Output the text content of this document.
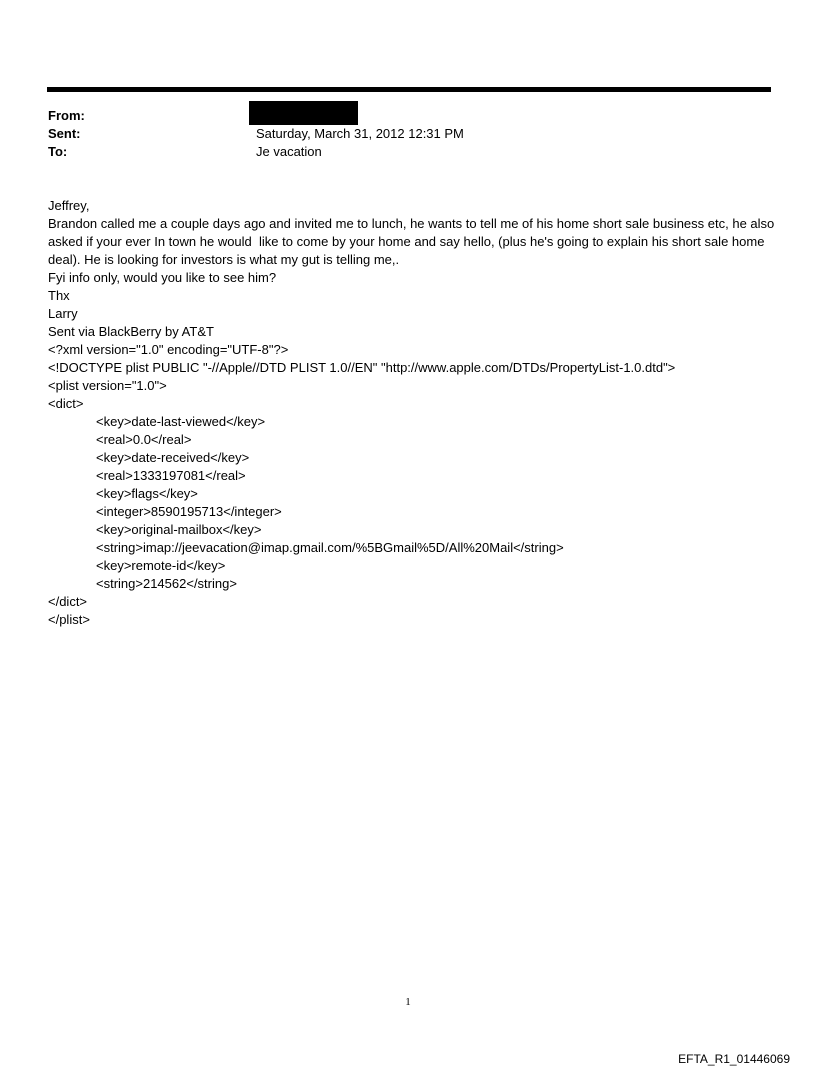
From:
Sent:	Saturday, March 31, 2012 12:31 PM
To:	Je vacation

Jeffrey,

Brandon called me a couple days ago and invited me to lunch, he wants to tell me of his home short sale business etc, he also asked if your ever In town he would  like to come by your home and say hello, (plus he's going to explain his short sale home deal). He is looking for investors is what my gut is telling me,.

Fyi info only, would you like to see him?

Thx

Larry

Sent via BlackBerry by AT&T

<?xml version="1.0" encoding="UTF-8"?>

<!DOCTYPE plist PUBLIC "-//Apple//DTD PLIST 1.0//EN" "http://www.apple.com/DTDs/PropertyList-1.0.dtd">

<plist version="1.0">

<dict>

<key>date-last-viewed</key>

<real>0.0</real>

<key>date-received</key>

<real>1333197081</real>

<key>flags</key>

<integer>8590195713</integer>

<key>original-mailbox</key>

<string>imap://jeevacation@imap.gmail.com/%5BGmail%5D/All%20Mail</string>

<key>remote-id</key>

<string>214562</string>

</dict>

</plist>

1
EFTA_R1_01446069
